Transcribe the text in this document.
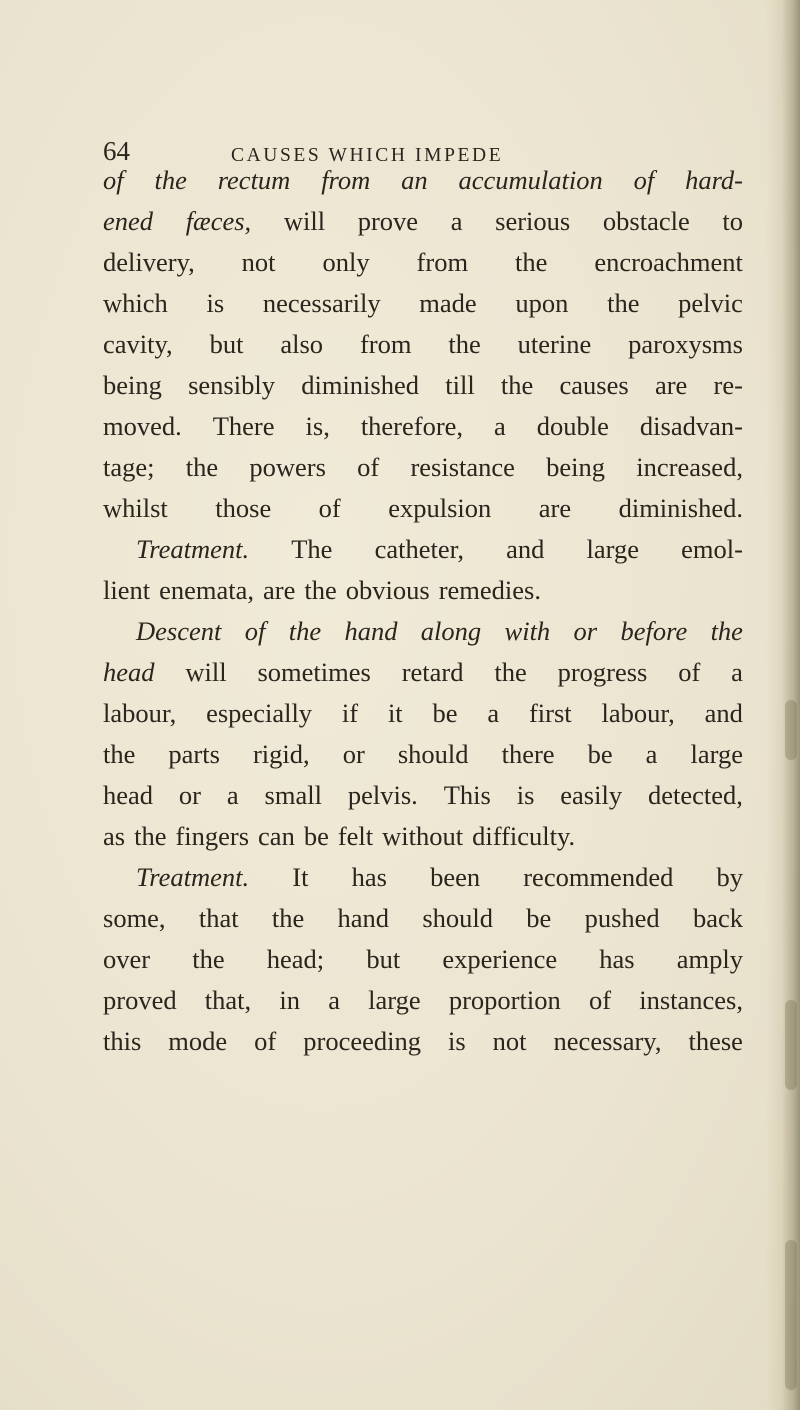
64	CAUSES WHICH IMPEDE
of the rectum from an accumulation of hard-
ened fæces, will prove a serious obstacle to
delivery, not only from the encroachment
which is necessarily made upon the pelvic
cavity, but also from the uterine paroxysms
being sensibly diminished till the causes are re-
moved. There is, therefore, a double disadvan-
tage; the powers of resistance being increased,
whilst those of expulsion are diminished.
Treatment. The catheter, and large emol-
lient enemata, are the obvious remedies.
Descent of the hand along with or before the
head will sometimes retard the progress of a
labour, especially if it be a first labour, and
the parts rigid, or should there be a large
head or a small pelvis. This is easily detected,
as the fingers can be felt without difficulty.
Treatment. It has been recommended by
some, that the hand should be pushed back
over the head; but experience has amply
proved that, in a large proportion of instances,
this mode of proceeding is not necessary, these
